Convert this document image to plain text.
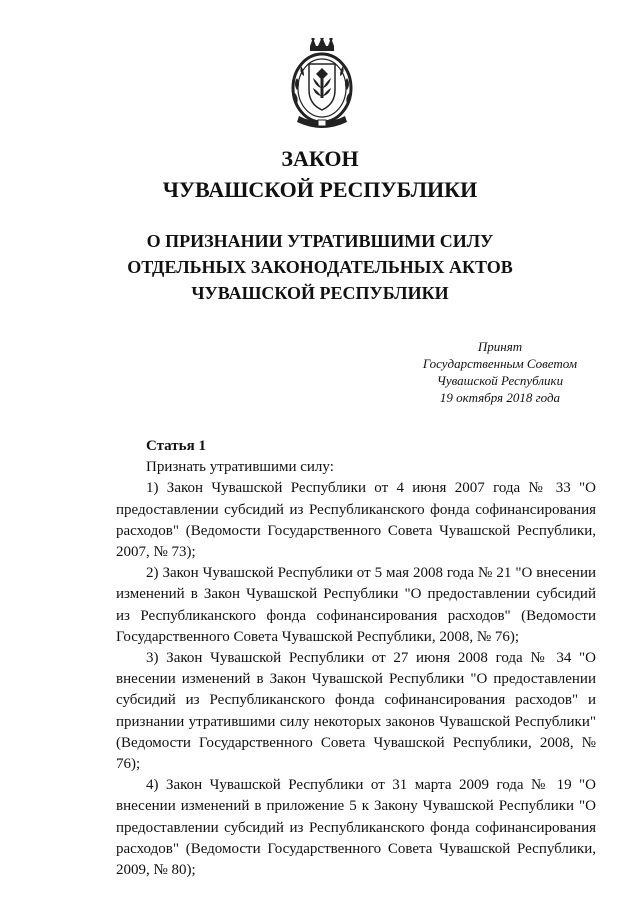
ЗАКОН
ЧУВАШСКОЙ РЕСПУБЛИКИ
О ПРИЗНАНИИ УТРАТИВШИМИ СИЛУ
ОТДЕЛЬНЫХ ЗАКОНОДАТЕЛЬНЫХ АКТОВ
ЧУВАШСКОЙ РЕСПУБЛИКИ
Принят
Государственным Советом
Чувашской Республики
19 октября 2018 года

Статья 1

Признать утратившими силу:

1) Закон Чувашской Республики от 4 июня 2007 года № 33 "О предоставлении субсидий из Республиканского фонда софинансирования расходов" (Ведомости Государственного Совета Чувашской Республики, 2007, № 73);

2) Закон Чувашской Республики от 5 мая 2008 года № 21 "О внесении изменений в Закон Чувашской Республики "О предоставлении субсидий из Республиканского фонда софинансирования расходов" (Ведомости Государственного Совета Чувашской Республики, 2008, № 76);

3) Закон Чувашской Республики от 27 июня 2008 года № 34 "О внесении изменений в Закон Чувашской Республики "О предоставлении субсидий из Республиканского фонда софинансирования расходов" и признании утратившими силу некоторых законов Чувашской Республики" (Ведомости Государственного Совета Чувашской Республики, 2008, № 76);

4) Закон Чувашской Республики от 31 марта 2009 года № 19 "О внесении изменений в приложение 5 к Закону Чувашской Республики "О предоставлении субсидий из Республиканского фонда софинансирования расходов" (Ведомости Государственного Совета Чувашской Республики, 2009, № 80);
